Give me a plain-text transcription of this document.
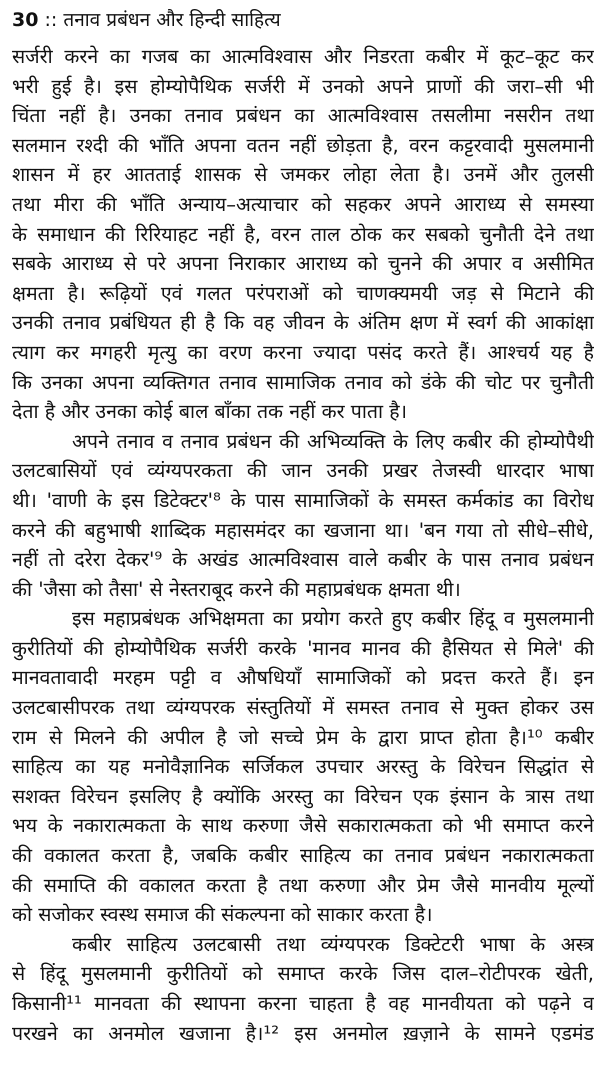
30 :: तनाव प्रबंधन और हिन्दी साहित्य
सर्जरी करने का गजब का आत्मविश्वास और निडरता कबीर में कूट–कूट कर
भरी हुई है। इस होम्योपैथिक सर्जरी में उनको अपने प्राणों की जरा–सी भी
चिंता नहीं है। उनका तनाव प्रबंधन का आत्मविश्वास तसलीमा नसरीन तथा
सलमान रश्दी की भाँति अपना वतन नहीं छोड़ता है, वरन कट्टरवादी मुसलमानी
शासन में हर आतताई शासक से जमकर लोहा लेता है। उनमें और तुलसी
तथा मीरा की भाँति अन्याय–अत्याचार को सहकर अपने आराध्य से समस्या
के समाधान की रिरियाहट नहीं है, वरन ताल ठोक कर सबको चुनौती देने तथा
सबके आराध्य से परे अपना निराकार आराध्य को चुनने की अपार व असीमित
क्षमता है। रूढ़ियों एवं गलत परंपराओं को चाणक्यमयी जड़ से मिटाने की
उनकी तनाव प्रबंधियत ही है कि वह जीवन के अंतिम क्षण में स्वर्ग की आकांक्षा
त्याग कर मगहरी मृत्यु का वरण करना ज्यादा पसंद करते हैं। आश्चर्य यह है
कि उनका अपना व्यक्तिगत तनाव सामाजिक तनाव को डंके की चोट पर चुनौती
देता है और उनका कोई बाल बाँका तक नहीं कर पाता है।
अपने तनाव व तनाव प्रबंधन की अभिव्यक्ति के लिए कबीर की होम्योपैथी
उलटबासियों एवं व्यंग्यपरकता की जान उनकी प्रखर तेजस्वी धारदार भाषा
थी। 'वाणी के इस डिटेक्टर'⁸ के पास सामाजिकों के समस्त कर्मकांड का विरोध
करने की बहुभाषी शाब्दिक महासमंदर का खजाना था। 'बन गया तो सीधे–सीधे,
नहीं तो दरेरा देकर'⁹ के अखंड आत्मविश्वास वाले कबीर के पास तनाव प्रबंधन
की 'जैसा को तैसा' से नेस्तराबूद करने की महाप्रबंधक क्षमता थी।
इस महाप्रबंधक अभिक्षमता का प्रयोग करते हुए कबीर हिंदू व मुसलमानी
कुरीतियों की होम्योपैथिक सर्जरी करके 'मानव मानव की हैसियत से मिले' की
मानवतावादी मरहम पट्टी व औषधियाँ सामाजिकों को प्रदत्त करते हैं। इन
उलटबासीपरक तथा व्यंग्यपरक संस्तुतियों में समस्त तनाव से मुक्त होकर उस
राम से मिलने की अपील है जो सच्चे प्रेम के द्वारा प्राप्त होता है।¹⁰ कबीर
साहित्य का यह मनोवैज्ञानिक सर्जिकल उपचार अरस्तु के विरेचन सिद्धांत से
सशक्त विरेचन इसलिए है क्योंकि अरस्तु का विरेचन एक इंसान के त्रास तथा
भय के नकारात्मकता के साथ करुणा जैसे सकारात्मकता को भी समाप्त करने
की वकालत करता है, जबकि कबीर साहित्य का तनाव प्रबंधन नकारात्मकता
की समाप्ति की वकालत करता है तथा करुणा और प्रेम जैसे मानवीय मूल्यों
को सजोकर स्वस्थ समाज की संकल्पना को साकार करता है।
कबीर साहित्य उलटबासी तथा व्यंग्यपरक डिक्टेटरी भाषा के अस्त्र
से हिंदू मुसलमानी कुरीतियों को समाप्त करके जिस दाल–रोटीपरक खेती,
किसानी¹¹ मानवता की स्थापना करना चाहता है वह मानवीयता को पढ़ने व
परखने का अनमोल खजाना है।¹² इस अनमोल ख़ज़ाने के सामने एडमंड
